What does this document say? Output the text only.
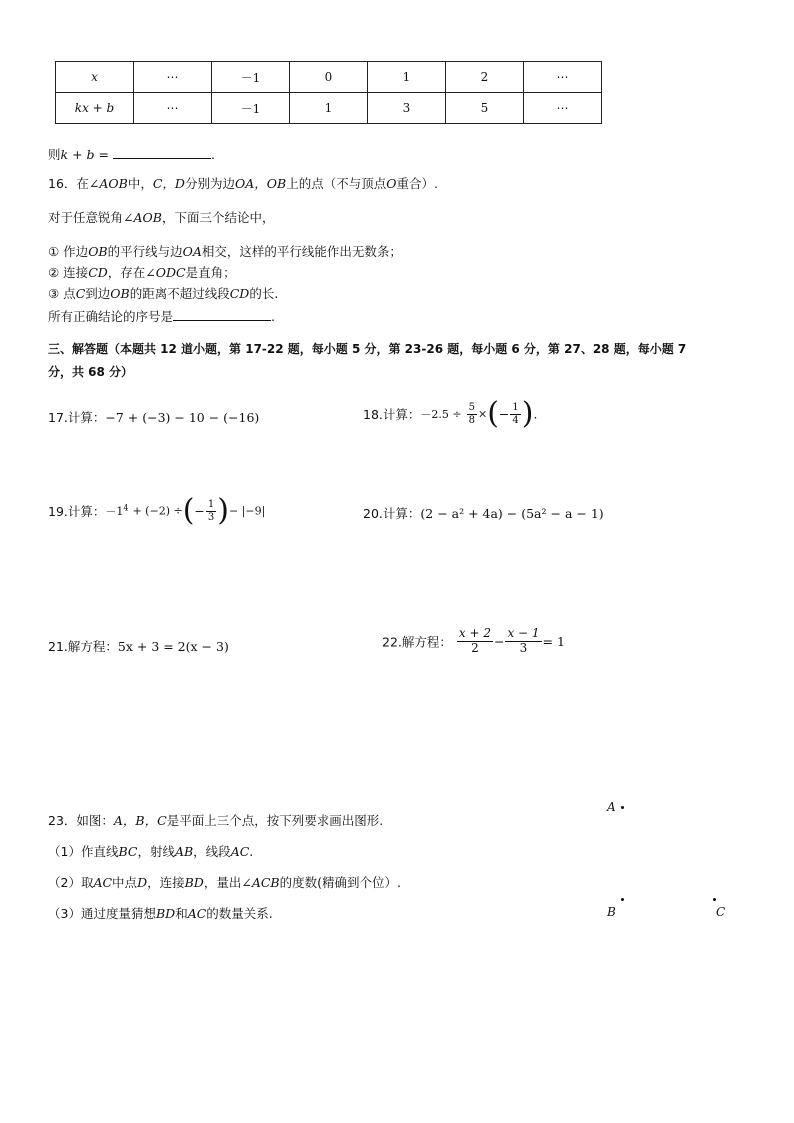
x	⋯	－1	0	1	2	⋯
kx + b	⋯	－1	1	3	5	⋯
则k + b =	.
16．在∠AOB中，C，D分别为边OA，OB上的点（不与顶点O重合）.
对于任意锐角∠AOB，下面三个结论中，
① 作边OB的平行线与边OA相交，这样的平行线能作出无数条；
② 连接CD，存在∠ODC是直角；
③ 点C到边OB的距离不超过线段CD的长.
所有正确结论的序号是	.
三、解答题（本题共 12 道小题，第 17-22 题，每小题 5 分，第 23-26 题，每小题 6 分，第 27、28 题，每小题 7
分，共 68 分）
17.计算：−7 + (−3) − 10 − (−16)	18.计算：$-2.5 \div \frac{5}{8}$ ×(− $\frac{1}{4}$ ).
19.计算：$-1^4 + (-2)$ ÷(− $\frac{1}{3}$ )− |−9|	20.计算：(2 − a² + 4a) − (5a² − a − 1)
21.解方程：5x + 3 = 2(x − 3)	22.解方程： $\frac{x + 2}{2} - \frac{x - 1}{3} = 1$
23．如图：A，B，C是平面上三个点，按下列要求画出图形.
（1）作直线BC，射线AB，线段AC.
（2）取AC中点D，连接BD，量出∠ACB的度数(精确到个位）.
（3）通过度量猜想BD和AC的数量关系.
A
B	C
